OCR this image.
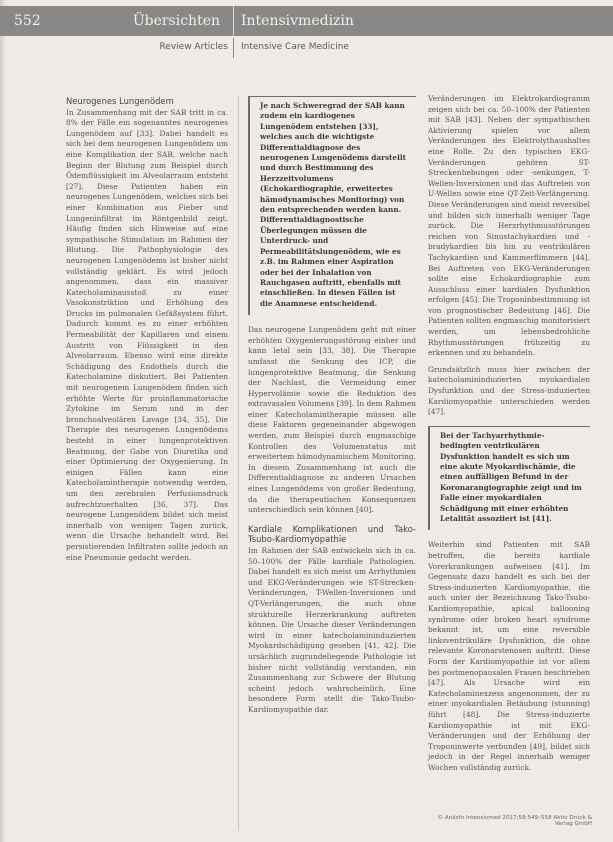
552	Übersichten	Intensivmedizin
Review Articles Intensive Care Medicine
Neurogenes Lungenödem

In Zusammenhang mit der SAB tritt in ca. 8% der Fälle ein sogenanntes neurogenes Lungenödem auf [33]. Dabei handelt es sich bei dem neurogenen Lungenödem um eine Komplikation der SAB, welche nach Beginn der Blutung zum Beispiel durch Ödemflüssigkeit im Alveolarraum entsteht [27]. Diese Patienten haben ein neurogenes Lungenödem, welches sich bei einer Kombination aus Fieber und Lungeninfiltrat im Röntgenbild zeigt. Häufig finden sich Hinweise auf eine sympathische Stimulation im Rahmen der Blutung. Die Pathophysiologie des neurogenen Lungenödems ist bisher nicht vollständig geklärt. Es wird jedoch angenommen, dass ein massiver Katecholaminausstoß zu einer Vasokonstriktion und Erhöhung des Drucks im pulmonalen Gefäßsystem führt. Dadurch kommt es zu einer erhöhten Permeabilität der Kapillaren und einem Austritt von Flüssigkeit in den Alveolarraum. Ebenso wird eine direkte Schädigung des Endothels durch die Katecholamine diskutiert. Bei Patienten mit neurogenem Lungenödem finden sich erhöhte Werte für proinflammatorische Zytokine im Serum und in der bronchoalveolären Lavage [34, 35]. Die Therapie des neurogenen Lungenödems besteht in einer lungenprotektiven Beatmung, der Gabe von Diuretika und einer Optimierung der Oxygenierung. In einigen Fällen kann eine Katecholamintherapie notwendig werden, um den zerebralen Perfusionsdruck aufrechtzuerhalten [36, 37]. Das neurogene Lungenödem bildet sich meist innerhalb von wenigen Tagen zurück, wenn die Ursache behandelt wird. Bei persistierenden Infiltraten sollte jedoch an eine Pneumonie gedacht werden.

Je nach Schweregrad der SAB kann zudem ein kardiogenes Lungenödem entstehen [33], welches auch die wichtigste Differentialdiagnose des neurogenen Lungenödems darstellt und durch Bestimmung des Herzzeitvolumens (Echokardiographie, erweitertes hämodynamisches Monitoring) von den entsprechenden werden kann. Differentialdiagnostische Überlegungen müssen die Unterdruck- und Permeabilitätslungenödem, wie es z.B. im Rahmen einer Aspiration oder bei der Inhalation von Rauchgasen auftritt, ebenfalls mit einschließen. In diesen Fällen ist die Anamnese entscheidend.

Das neurogene Lungenödem geht mit einer erhöhten Oxygenierungsstörung einher und kann letal sein [33, 38]. Die Therapie umfasst die Senkung des ICP, die lungenprotektive Beatmung, die Senkung der Nachlast, die Vermeidung einer Hypervolämie sowie die Reduktion des extravasalen Volumens [39]. In dem Rahmen einer Katecholamintherapie müssen alle diese Faktoren gegeneinander abgewogen werden, zum Beispiel durch engmaschige Kontrollen des Volumenstatus mit erweitertem hämodynamischem Monitoring. In diesem Zusammenhang ist auch die Differentialdiagnose zu anderen Ursachen eines Lungenödems von großer Bedeutung, da die therapeutischen Konsequenzen unterschiedlich sein können [40].

Kardiale Komplikationen und Tako-Tsubo-Kardiomyopathie

Im Rahmen der SAB entwickeln sich in ca. 50–100% der Fälle kardiale Pathologien. Dabei handelt es sich meist um Arrhythmien und EKG-Veränderungen wie ST-Strecken-Veränderungen, T-Wellen-Inversionen und QT-Verlängerungen, die auch ohne strukturelle Herzerkrankung auftreten können. Die Ursache dieser Veränderungen wird in einer katecholamininduzierten Myokardschädigung gesehen [41, 42]. Die ursächlich zugrundeliegende Pathologie ist bisher nicht vollständig verstanden, ein Zusammenhang zur Schwere der Blutung scheint jedoch wahrscheinlich. Eine besondere Form stellt die Tako-Tsubo-Kardiomyopathie dar.

Veränderungen im Elektrokardiogramm zeigen sich bei ca. 50–100% der Patienten mit SAB [43]. Neben der sympathischen Aktivierung spielen vor allem Veränderungen des Elektrolythaushaltes eine Rolle. Zu den typischen EKG-Veränderungen gehören ST-Streckenhebungen oder -senkungen, T-Wellen-Inversionen und das Auftreten von U-Wellen sowie eine QT-Zeit-Verlängerung. Diese Veränderungen sind meist reversibel und bilden sich innerhalb weniger Tage zurück. Die Herzrhythmusstörungen reichen von Sinustachykardien und -bradykardien bis hin zu ventrikulären Tachykardien und Kammerflimmern [44]. Bei Auftreten von EKG-Veränderungen sollte eine Echokardiographie zum Ausschluss einer kardialen Dysfunktion erfolgen [45]. Die Troponinbestimmung ist von prognostischer Bedeutung [46]. Die Patienten sollten engmaschig monitorisiert werden, um lebensbedrohliche Rhythmusstörungen frühzeitig zu erkennen und zu behandeln.

Grundsätzlich muss hier zwischen der katecholamininduzierten myokardialen Dysfunktion und der Stress-induzierten Kardiomyopathie unterschieden werden [47].

Bei der Tachyarrhythmie-bedingten ventrikulären Dysfunktion handelt es sich um eine akute Myokardischämie, die einen auffälligen Befund in der Koronarangiographie zeigt und im Falle einer myokardialen Schädigung mit einer erhöhten Letalität assoziiert ist [41].

Weiterhin sind Patienten mit SAB betroffen, die bereits kardiale Vorerkrankungen aufweisen [41]. Im Gegensatz dazu handelt es sich bei der Stress-induzierten Kardiomyopathie, die auch unter der Bezeichnung Tako-Tsubo-Kardiomyopathie, apical ballooning syndrome oder broken heart syndrome bekannt ist, um eine reversible linksventrikuläre Dysfunktion, die ohne relevante Koronarstenosen auftritt. Diese Form der Kardiomyopathie ist vor allem bei postmenopausalen Frauen beschrieben [47]. Als Ursache wird ein Katecholaminexzess angenommen, der zu einer myokardialen Betäubung (stunning) führt [48]. Die Stress-induzierte Kardiomyopathie ist mit EKG-Veränderungen und der Erhöhung der Troponinwerte verbunden [49], bildet sich jedoch in der Regel innerhalb weniger Wochen vollständig zurück.

© Anästh Intensivmed 2017;58:549–558 Aktiv Druck & Verlag GmbH
